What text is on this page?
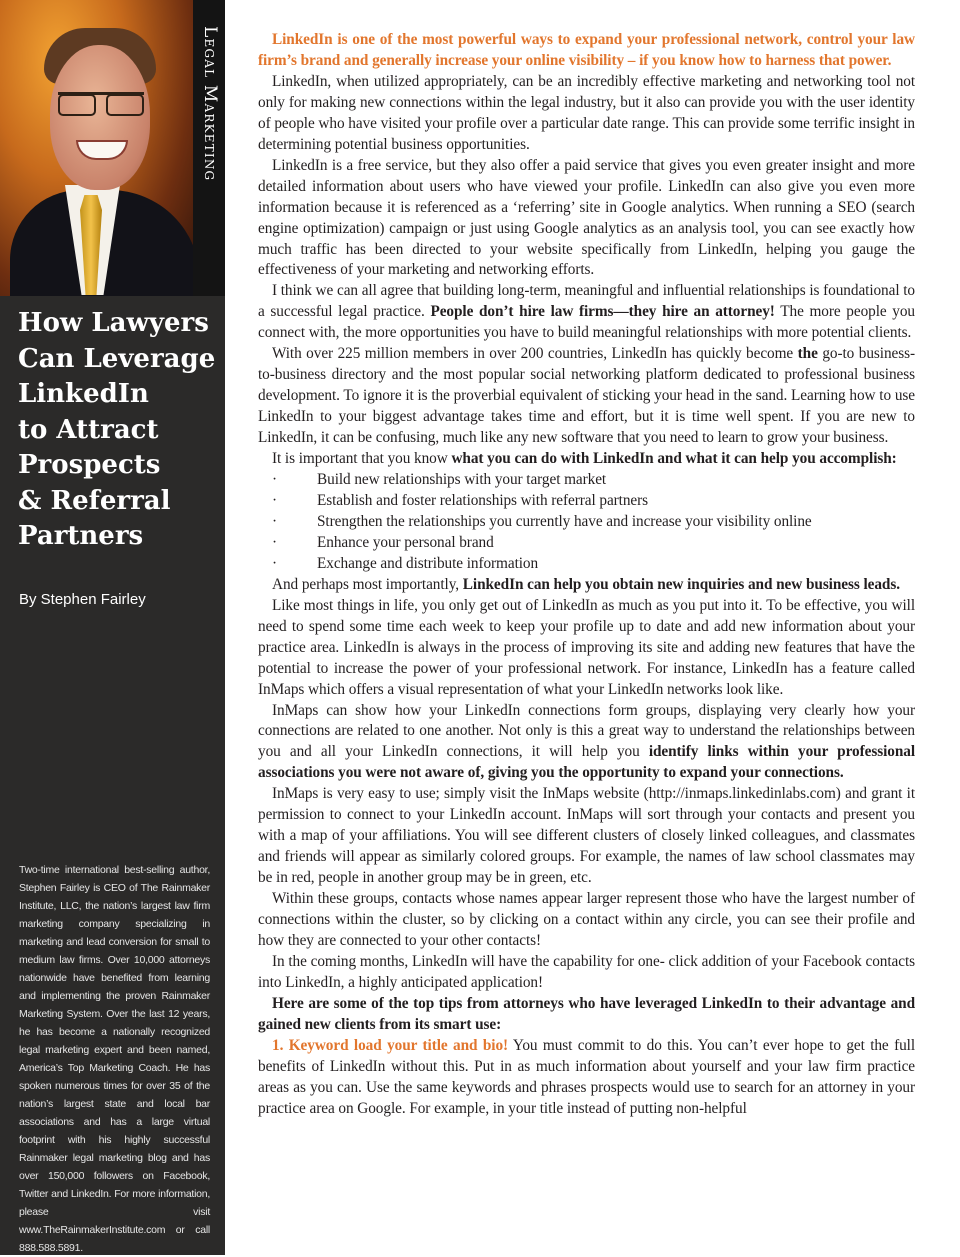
Legal Marketing
How Lawyers
Can Leverage
LinkedIn
to Attract
Prospects
& Referral
Partners
By Stephen Fairley
Two-time international best-selling author, Stephen Fairley is CEO of The Rainmaker Institute, LLC, the nation’s largest law firm marketing company specializing in marketing and lead conversion for small to medium law firms. Over 10,000 attorneys nationwide have benefited from learning and implementing the proven Rainmaker Marketing System. Over the last 12 years, he has become a nationally recognized legal marketing expert and been named, America’s Top Marketing Coach. He has spoken numerous times for over 35 of the nation’s largest state and local bar associations and has a large virtual footprint with his highly successful Rainmaker legal marketing blog and has over 150,000 followers on Facebook, Twitter and LinkedIn. For more information, please visit www.TheRainmakerInstitute.com or call 888.588.5891.

LinkedIn is one of the most powerful ways to expand your professional network, control your law firm’s brand and generally increase your online visibility – if you know how to harness that power.

LinkedIn, when utilized appropriately, can be an incredibly effective marketing and networking tool not only for making new connections within the legal industry, but it also can provide you with the user identity of people who have visited your profile over a particular date range. This can provide some terrific insight in determining potential business opportunities.

LinkedIn is a free service, but they also offer a paid service that gives you even greater insight and more detailed information about users who have viewed your profile. LinkedIn can also give you even more information because it is referenced as a ‘referring’ site in Google analytics. When running a SEO (search engine optimization) campaign or just using Google analytics as an analysis tool, you can see exactly how much traffic has been directed to your website specifically from LinkedIn, helping you gauge the effectiveness of your marketing and networking efforts.

I think we can all agree that building long-term, meaningful and influential relationships is foundational to a successful legal practice. People don’t hire law firms—they hire an attorney! The more people you connect with, the more opportunities you have to build meaningful relationships with more potential clients.

With over 225 million members in over 200 countries, LinkedIn has quickly become the go-to business-to-business directory and the most popular social networking platform dedicated to professional business development. To ignore it is the proverbial equivalent of sticking your head in the sand. Learning how to use LinkedIn to your biggest advantage takes time and effort, but it is time well spent. If you are new to LinkedIn, it can be confusing, much like any new software that you need to learn to grow your business.

It is important that you know what you can do with LinkedIn and what it can help you accomplish:

·	Build new relationships with your target market

·	Establish and foster relationships with referral partners

·	Strengthen the relationships you currently have and increase your visibility online

·	Enhance your personal brand

·	Exchange and distribute information

And perhaps most importantly, LinkedIn can help you obtain new inquiries and new business leads.

Like most things in life, you only get out of LinkedIn as much as you put into it. To be effective, you will need to spend some time each week to keep your profile up to date and add new information about your practice area. LinkedIn is always in the process of improving its site and adding new features that have the potential to increase the power of your professional network. For instance, LinkedIn has a feature called InMaps which offers a visual representation of what your LinkedIn networks look like.

InMaps can show how your LinkedIn connections form groups, displaying very clearly how your connections are related to one another. Not only is this a great way to understand the relationships between you and all your LinkedIn connections, it will help you identify links within your professional associations you were not aware of, giving you the opportunity to expand your connections.

InMaps is very easy to use; simply visit the InMaps website (http://inmaps.linkedinlabs.com) and grant it permission to connect to your LinkedIn account. InMaps will sort through your contacts and present you with a map of your affiliations. You will see different clusters of closely linked colleagues, and classmates and friends will appear as similarly colored groups. For example, the names of law school classmates may be in red, people in another group may be in green, etc.

Within these groups, contacts whose names appear larger represent those who have the largest number of connections within the cluster, so by clicking on a contact within any circle, you can see their profile and how they are connected to your other contacts!

In the coming months, LinkedIn will have the capability for one- click addition of your Facebook contacts into LinkedIn, a highly anticipated application!

Here are some of the top tips from attorneys who have leveraged LinkedIn to their advantage and gained new clients from its smart use:

1. Keyword load your title and bio! You must commit to do this. You can’t ever hope to get the full benefits of LinkedIn without this. Put in as much information about yourself and your law firm practice areas as you can. Use the same keywords and phrases prospects would use to search for an attorney in your practice area on Google. For example, in your title instead of putting non-helpful
